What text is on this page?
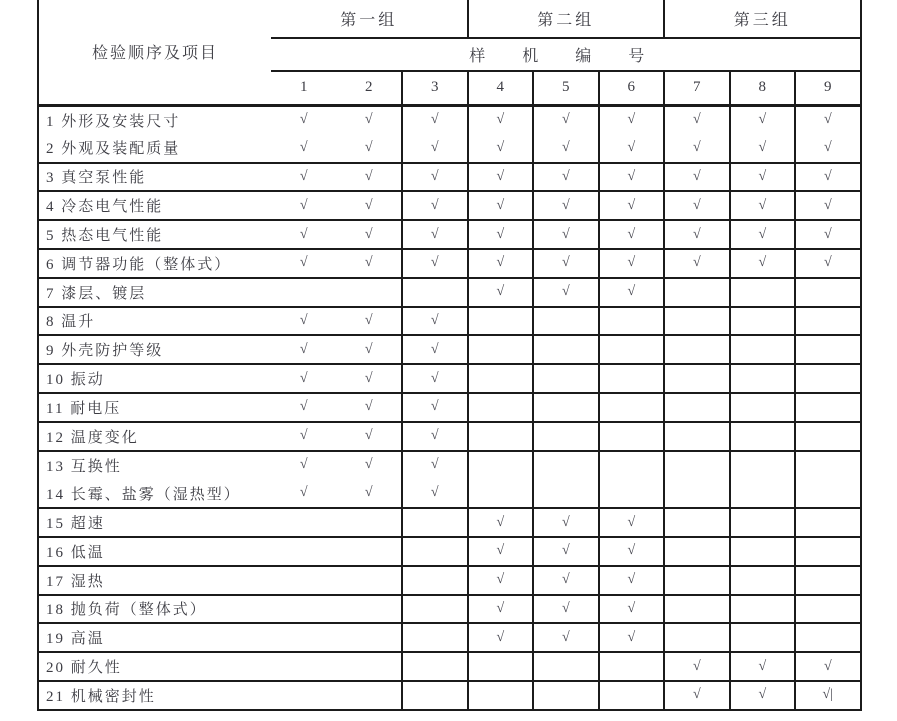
检验顺序及项目	第一组			第二组			第三组		
	样机编号								
	1	2	3	4	5	6	7	8	9
1 外形及安装尺寸	√	√	√	√	√	√	√	√	√
2 外观及装配质量	√	√	√	√	√	√	√	√	√
3 真空泵性能	√	√	√	√	√	√	√	√	√
4 冷态电气性能	√	√	√	√	√	√	√	√	√
5 热态电气性能	√	√	√	√	√	√	√	√	√
6 调节器功能（整体式）	√	√	√	√	√	√	√	√	√
7 漆层、镀层				√	√	√			
8 温升	√	√	√						
9 外壳防护等级	√	√	√						
10 振动	√	√	√						
11 耐电压	√	√	√						
12 温度变化	√	√	√						
13 互换性	√	√	√						
14 长霉、盐雾（湿热型）	√	√	√						
15 超速				√	√	√			
16 低温				√	√	√			
17 湿热				√	√	√			
18 抛负荷（整体式）				√	√	√			
19 高温				√	√	√			
20 耐久性							√	√	√
21 机械密封性							√	√	√|
